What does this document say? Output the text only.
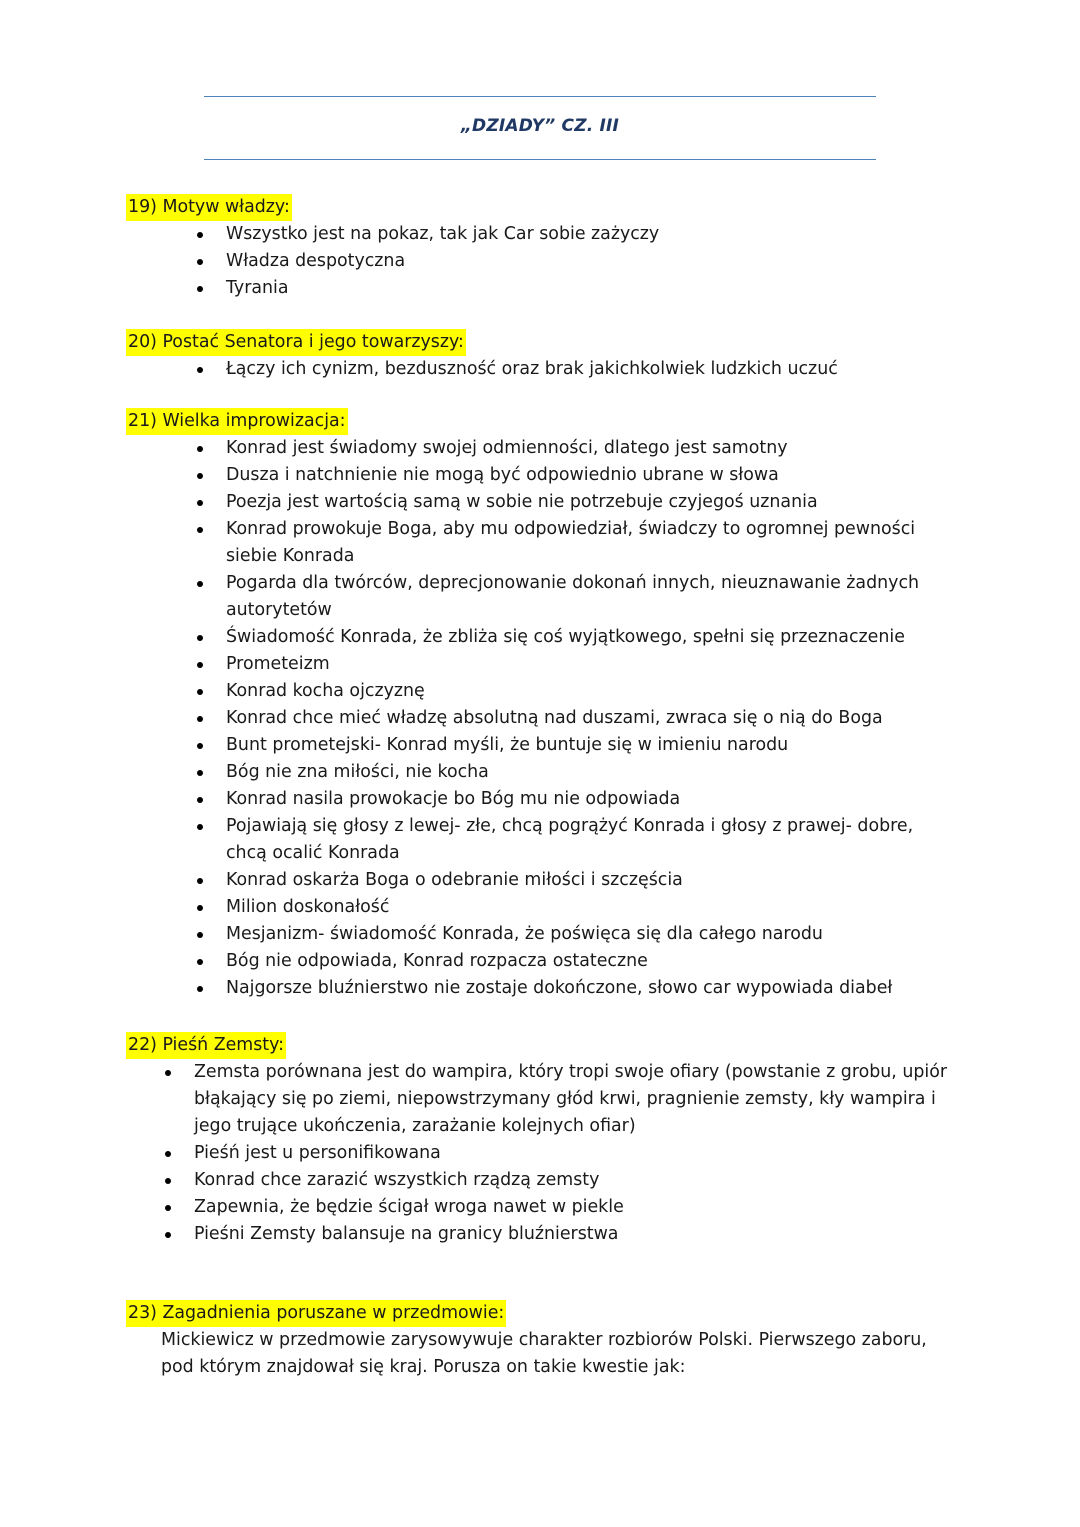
„DZIADY” CZ. III
19) Motyw władzy:
Wszystko jest na pokaz, tak jak Car sobie zażyczy
Władza despotyczna
Tyrania
20) Postać Senatora i jego towarzyszy:
Łączy ich cynizm, bezduszność oraz brak jakichkolwiek ludzkich uczuć
21) Wielka improwizacja:
Konrad jest świadomy swojej odmienności, dlatego jest samotny
Dusza i natchnienie nie mogą być odpowiednio ubrane w słowa
Poezja jest wartością samą w sobie nie potrzebuje czyjegoś uznania
Konrad prowokuje Boga, aby mu odpowiedział, świadczy to ogromnej pewności siebie Konrada
Pogarda dla twórców, deprecjonowanie dokonań innych, nieuznawanie żadnych autorytetów
Świadomość Konrada, że zbliża się coś wyjątkowego, spełni się przeznaczenie
Prometeizm
Konrad kocha ojczyznę
Konrad chce mieć władzę absolutną nad duszami, zwraca się o nią do Boga
Bunt prometejski- Konrad myśli, że buntuje się w imieniu narodu
Bóg nie zna miłości, nie kocha
Konrad nasila prowokacje bo Bóg mu nie odpowiada
Pojawiają się głosy z lewej- złe, chcą pogrążyć Konrada i głosy z prawej- dobre, chcą ocalić Konrada
Konrad oskarża Boga o odebranie miłości i szczęścia
Milion doskonałość
Mesjanizm- świadomość Konrada, że poświęca się dla całego narodu
Bóg nie odpowiada, Konrad rozpacza ostateczne
Najgorsze bluźnierstwo nie zostaje dokończone, słowo car wypowiada diabeł
22) Pieśń Zemsty:
Zemsta porównana jest do wampira, który tropi swoje ofiary (powstanie z grobu, upiór błąkający się po ziemi, niepowstrzymany głód krwi, pragnienie zemsty, kły wampira i jego trujące ukończenia, zarażanie kolejnych ofiar)
Pieśń jest u personifikowana
Konrad chce zarazić wszystkich rządzą zemsty
Zapewnia, że będzie ścigał wroga nawet w piekle
Pieśni Zemsty balansuje na granicy bluźnierstwa
23) Zagadnienia poruszane w przedmowie:
Mickiewicz w przedmowie zarysowywuje charakter rozbiorów Polski. Pierwszego zaboru, pod którym znajdował się kraj. Porusza on takie kwestie jak:
